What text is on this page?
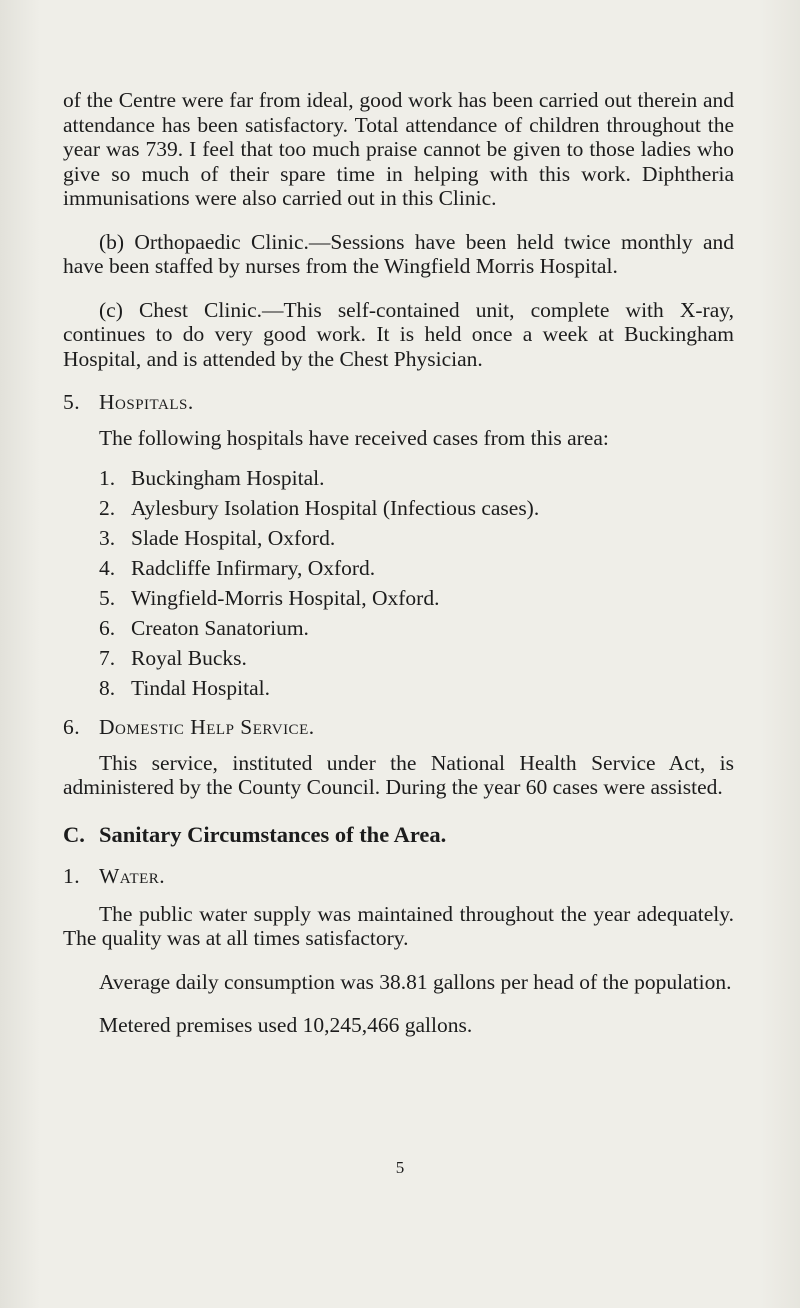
of the Centre were far from ideal, good work has been carried out therein and attendance has been satisfactory. Total attendance of children throughout the year was 739. I feel that too much praise cannot be given to those ladies who give so much of their spare time in helping with this work. Diphtheria immunisations were also carried out in this Clinic.

(b) Orthopaedic Clinic.—Sessions have been held twice monthly and have been staffed by nurses from the Wingfield Morris Hospital.

(c) Chest Clinic.—This self-contained unit, complete with X-ray, continues to do very good work. It is held once a week at Buckingham Hospital, and is attended by the Chest Physician.

5. Hospitals.

The following hospitals have received cases from this area:

1. Buckingham Hospital.
2. Aylesbury Isolation Hospital (Infectious cases).
3. Slade Hospital, Oxford.
4. Radcliffe Infirmary, Oxford.
5. Wingfield-Morris Hospital, Oxford.
6. Creaton Sanatorium.
7. Royal Bucks.
8. Tindal Hospital.
6. Domestic Help Service.

This service, instituted under the National Health Service Act, is administered by the County Council. During the year 60 cases were assisted.

C. Sanitary Circumstances of the Area.
1. Water.

The public water supply was maintained throughout the year adequately. The quality was at all times satisfactory.

Average daily consumption was 38.81 gallons per head of the population.

Metered premises used 10,245,466 gallons.

5
